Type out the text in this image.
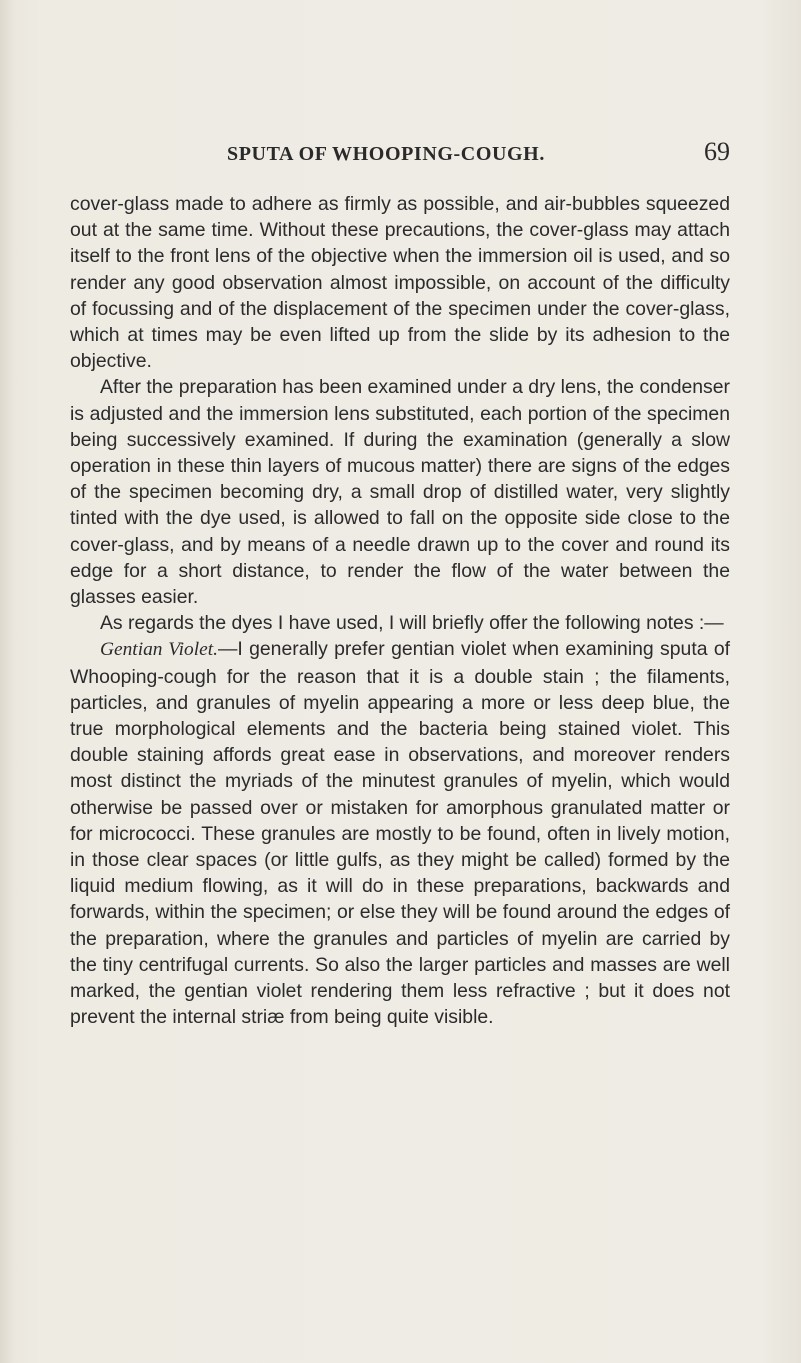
SPUTA OF WHOOPING-COUGH.	69

cover-glass made to adhere as firmly as possible, and air-bubbles squeezed out at the same time. Without these precautions, the cover-glass may attach itself to the front lens of the objective when the immersion oil is used, and so render any good observation almost impossible, on account of the difficulty of focussing and of the displacement of the specimen under the cover-glass, which at times may be even lifted up from the slide by its adhesion to the objective.

After the preparation has been examined under a dry lens, the condenser is adjusted and the immersion lens substituted, each portion of the specimen being successively examined. If during the examination (generally a slow operation in these thin layers of mucous matter) there are signs of the edges of the specimen becoming dry, a small drop of distilled water, very slightly tinted with the dye used, is allowed to fall on the opposite side close to the cover-glass, and by means of a needle drawn up to the cover and round its edge for a short distance, to render the flow of the water between the glasses easier.

As regards the dyes I have used, I will briefly offer the following notes :—

Gentian Violet.—I generally prefer gentian violet when examining sputa of Whooping-cough for the reason that it is a double stain ; the filaments, particles, and granules of myelin appearing a more or less deep blue, the true morphological elements and the bacteria being stained violet. This double staining affords great ease in observations, and moreover renders most distinct the myriads of the minutest granules of myelin, which would otherwise be passed over or mistaken for amorphous granulated matter or for micrococci. These granules are mostly to be found, often in lively motion, in those clear spaces (or little gulfs, as they might be called) formed by the liquid medium flowing, as it will do in these preparations, backwards and forwards, within the specimen; or else they will be found around the edges of the preparation, where the granules and particles of myelin are carried by the tiny centrifugal currents. So also the larger particles and masses are well marked, the gentian violet rendering them less refractive ; but it does not prevent the internal striæ from being quite visible.
